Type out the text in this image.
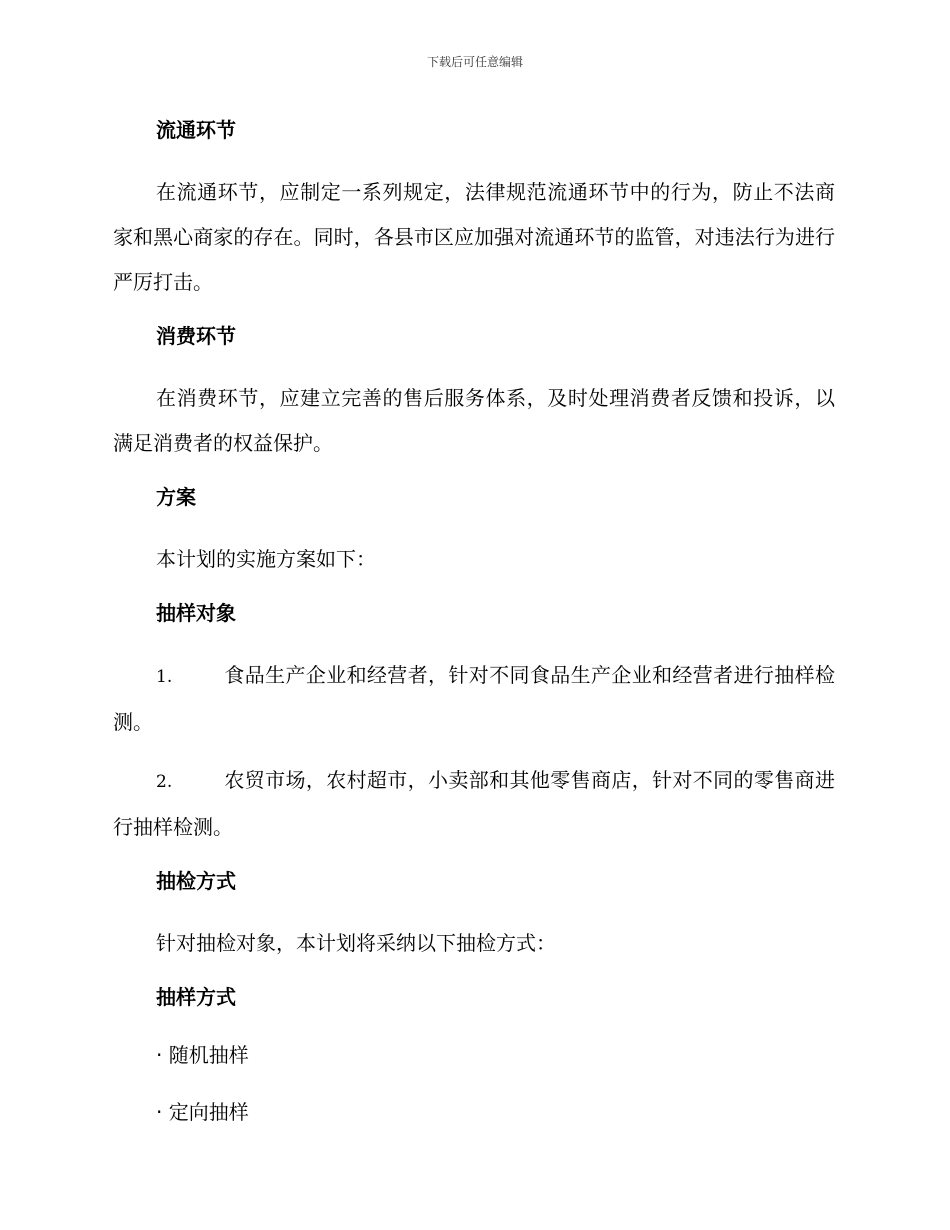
下载后可任意编辑
流通环节
在流通环节，应制定一系列规定，法律规范流通环节中的行为，防止不法商家和黑心商家的存在。同时，各县市区应加强对流通环节的监管，对违法行为进行严厉打击。
消费环节
在消费环节，应建立完善的售后服务体系，及时处理消费者反馈和投诉，以满足消费者的权益保护。
方案
本计划的实施方案如下：
抽样对象
1.	食品生产企业和经营者，针对不同食品生产企业和经营者进行抽样检测。
2.	农贸市场，农村超市，小卖部和其他零售商店，针对不同的零售商进行抽样检测。
抽检方式
针对抽检对象，本计划将采纳以下抽检方式：
抽样方式
· 随机抽样
· 定向抽样
